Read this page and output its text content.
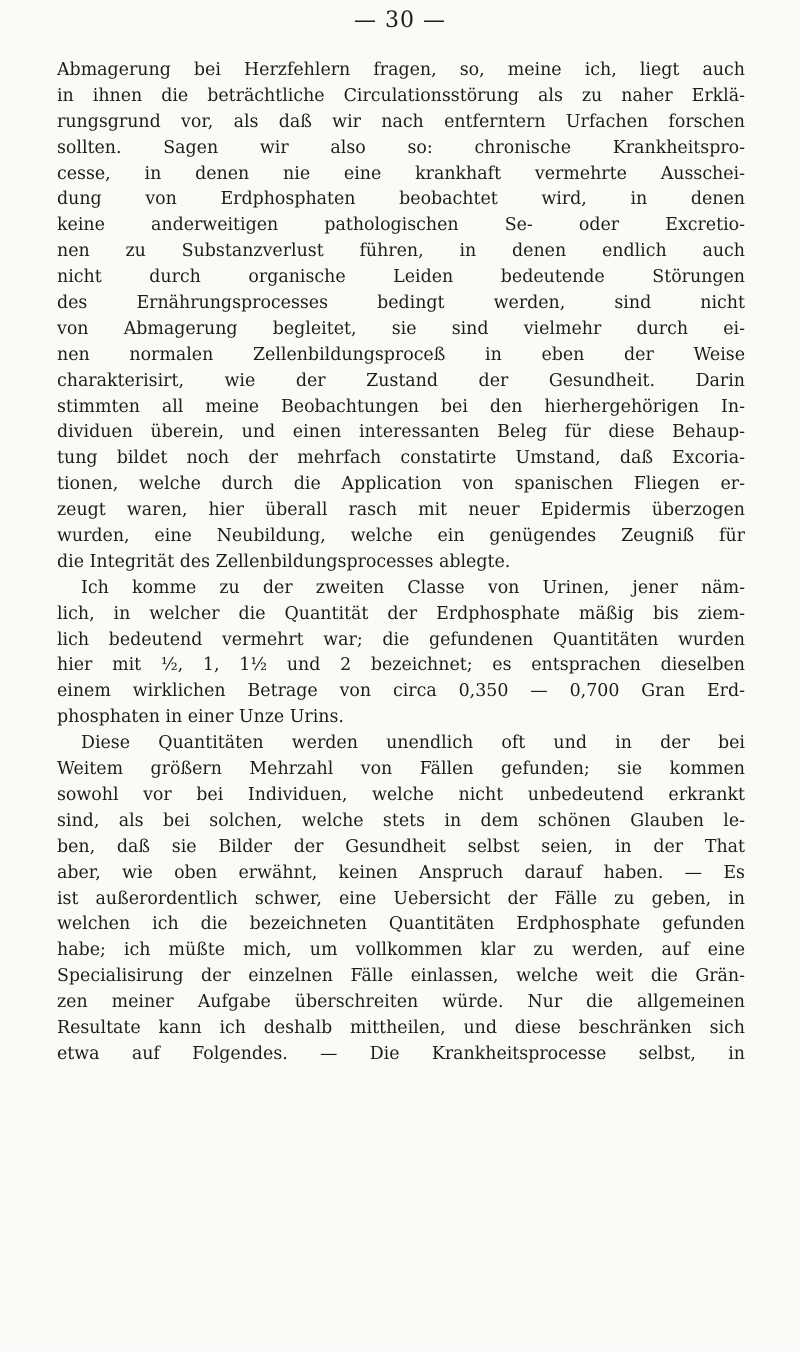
— 30 —
Abmagerung bei Herzfehlern fragen, so, meine ich, liegt auch
in ihnen die beträchtliche Circulationsstörung als zu naher Erklä-
rungsgrund vor, als daß wir nach entferntern Urfachen forschen
sollten. Sagen wir also so: chronische Krankheitspro-
cesse, in denen nie eine krankhaft vermehrte Ausschei-
dung von Erdphosphaten beobachtet wird, in denen
keine anderweitigen pathologischen Se- oder Excretio-
nen zu Substanzverlust führen, in denen endlich auch
nicht durch organische Leiden bedeutende Störungen
des Ernährungsprocesses bedingt werden, sind nicht
von Abmagerung begleitet, sie sind vielmehr durch ei-
nen normalen Zellenbildungsproceß in eben der Weise
charakterisirt, wie der Zustand der Gesundheit. Darin
stimmten all meine Beobachtungen bei den hierhergehörigen In-
dividuen überein, und einen interessanten Beleg für diese Behaup-
tung bildet noch der mehrfach constatirte Umstand, daß Excoria-
tionen, welche durch die Application von spanischen Fliegen er-
zeugt waren, hier überall rasch mit neuer Epidermis überzogen
wurden, eine Neubildung, welche ein genügendes Zeugniß für
die Integrität des Zellenbildungsprocesses ablegte.
Ich komme zu der zweiten Classe von Urinen, jener näm-
lich, in welcher die Quantität der Erdphosphate mäßig bis ziem-
lich bedeutend vermehrt war; die gefundenen Quantitäten wurden
hier mit ½, 1, 1½ und 2 bezeichnet; es entsprachen dieselben
einem wirklichen Betrage von circa 0,350 — 0,700 Gran Erd-
phosphaten in einer Unze Urins.
Diese Quantitäten werden unendlich oft und in der bei
Weitem größern Mehrzahl von Fällen gefunden; sie kommen
sowohl vor bei Individuen, welche nicht unbedeutend erkrankt
sind, als bei solchen, welche stets in dem schönen Glauben le-
ben, daß sie Bilder der Gesundheit selbst seien, in der That
aber, wie oben erwähnt, keinen Anspruch darauf haben. — Es
ist außerordentlich schwer, eine Uebersicht der Fälle zu geben, in
welchen ich die bezeichneten Quantitäten Erdphosphate gefunden
habe; ich müßte mich, um vollkommen klar zu werden, auf eine
Specialisirung der einzelnen Fälle einlassen, welche weit die Grän-
zen meiner Aufgabe überschreiten würde. Nur die allgemeinen
Resultate kann ich deshalb mittheilen, und diese beschränken sich
etwa auf Folgendes. — Die Krankheitsprocesse selbst, in
